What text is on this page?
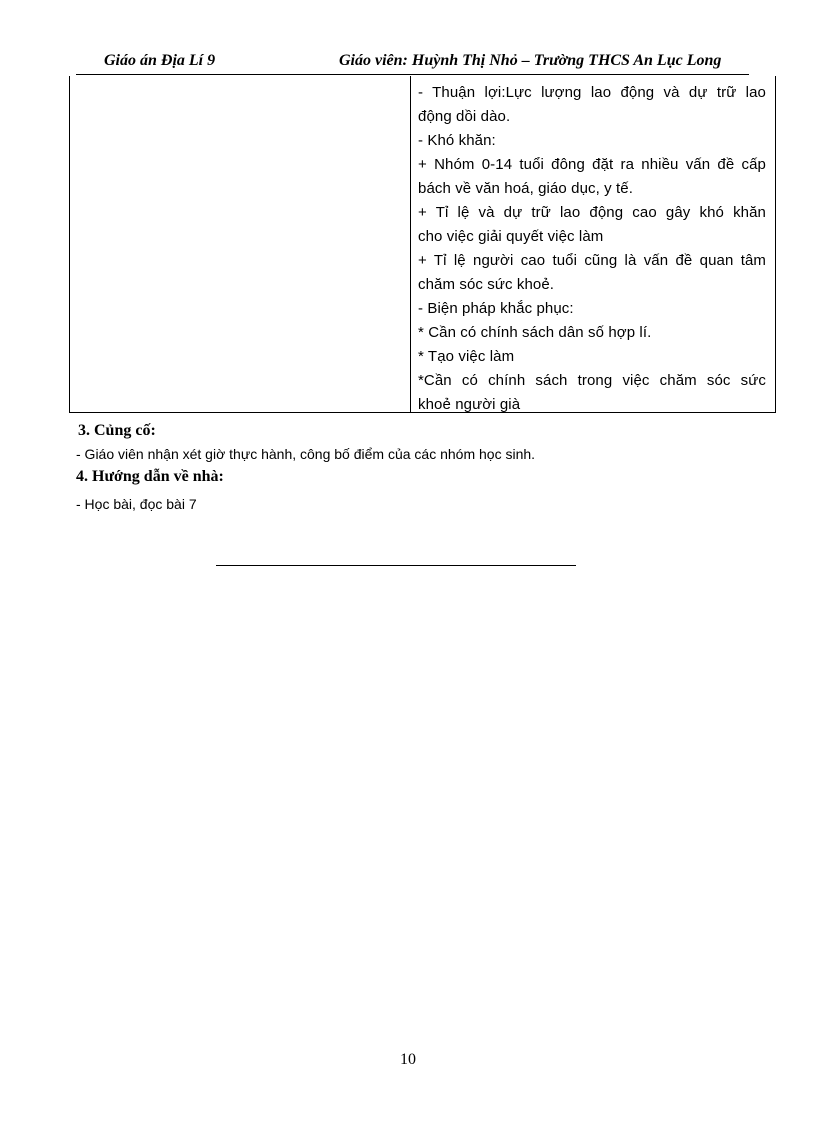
Giáo án Địa Lí 9	Giáo viên: Huỳnh Thị Nhỏ – Trường THCS An Lục Long
- Thuận lợi:Lực lượng lao động và dự trữ lao
động dồi dào.
- Khó khăn:
+ Nhóm 0-14 tuổi đông đặt ra nhiều vấn đề cấp
bách về văn hoá, giáo dục, y tế.
+ Tỉ lệ và dự trữ lao động cao gây khó khăn
cho việc giải quyết việc làm
+ Tỉ lệ người cao tuổi cũng là vấn đề quan tâm
chăm sóc sức khoẻ.
- Biện pháp khắc phục:
* Cần có chính sách dân số hợp lí.
* Tạo việc làm
*Cần có chính sách trong việc chăm sóc sức
khoẻ người già
3. Củng cố:
- Giáo viên nhận xét giờ thực hành, công bố điểm của các nhóm học sinh.
4. Hướng dẫn về nhà:
- Học bài, đọc bài 7
10
